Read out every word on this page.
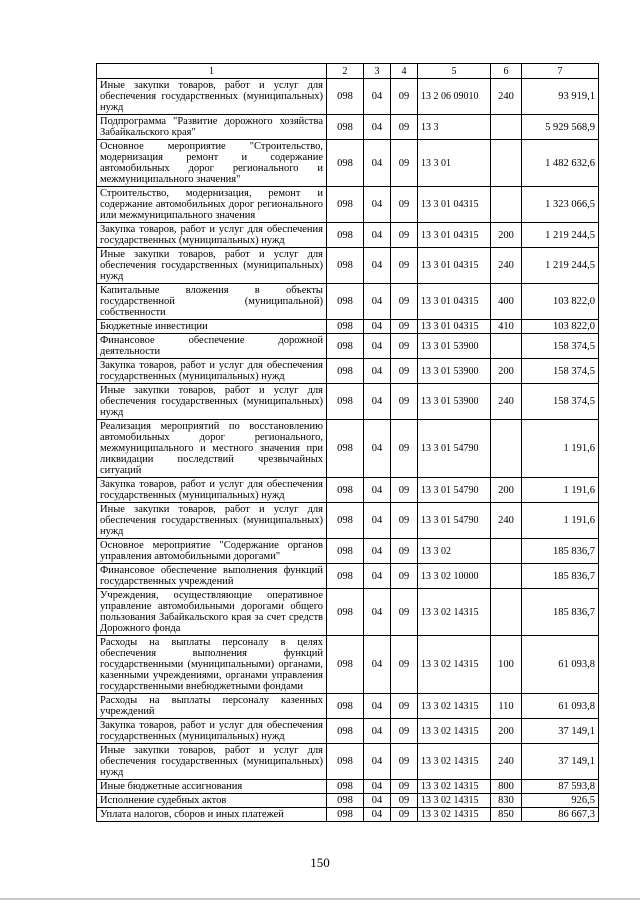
1	2	3	4	5	6	7
Иные закупки товаров, работ и услуг для обеспечения государственных (муниципальных) нужд	098	04	09	13 2 06 09010	240	93 919,1
Подпрограмма "Развитие дорожного хозяйства Забайкальского края"	098	04	09	13 3		5 929 568,9
Основное мероприятие "Строительство, модернизация ремонт и содержание автомобильных дорог регионального и межмуниципального значения"	098	04	09	13 3 01		1 482 632,6
Строительство, модернизация, ремонт и содержание автомобильных дорог регионального или межмуниципального значения	098	04	09	13 3 01 04315		1 323 066,5
Закупка товаров, работ и услуг для обеспечения государственных (муниципальных) нужд	098	04	09	13 3 01 04315	200	1 219 244,5
Иные закупки товаров, работ и услуг для обеспечения государственных (муниципальных) нужд	098	04	09	13 3 01 04315	240	1 219 244,5
Капитальные вложения в объекты государственной (муниципальной) собственности	098	04	09	13 3 01 04315	400	103 822,0
Бюджетные инвестиции	098	04	09	13 3 01 04315	410	103 822,0
Финансовое обеспечение дорожной деятельности	098	04	09	13 3 01 53900		158 374,5
Закупка товаров, работ и услуг для обеспечения государственных (муниципальных) нужд	098	04	09	13 3 01 53900	200	158 374,5
Иные закупки товаров, работ и услуг для обеспечения государственных (муниципальных) нужд	098	04	09	13 3 01 53900	240	158 374,5
Реализация мероприятий по восстановлению автомобильных дорог регионального, межмуниципального и местного значения при ликвидации последствий чрезвычайных ситуаций	098	04	09	13 3 01 54790		1 191,6
Закупка товаров, работ и услуг для обеспечения государственных (муниципальных) нужд	098	04	09	13 3 01 54790	200	1 191,6
Иные закупки товаров, работ и услуг для обеспечения государственных (муниципальных) нужд	098	04	09	13 3 01 54790	240	1 191,6
Основное мероприятие "Содержание органов управления автомобильными дорогами"	098	04	09	13 3 02		185 836,7
Финансовое обеспечение выполнения функций государственных учреждений	098	04	09	13 3 02 10000		185 836,7
Учреждения, осуществляющие оперативное управление автомобильными дорогами общего пользования Забайкальского края за счет средств Дорожного фонда	098	04	09	13 3 02 14315		185 836,7
Расходы на выплаты персоналу в целях обеспечения выполнения функций государственными (муниципальными) органами, казенными учреждениями, органами управления государственными внебюджетными фондами	098	04	09	13 3 02 14315	100	61 093,8
Расходы на выплаты персоналу казенных учреждений	098	04	09	13 3 02 14315	110	61 093,8
Закупка товаров, работ и услуг для обеспечения государственных (муниципальных) нужд	098	04	09	13 3 02 14315	200	37 149,1
Иные закупки товаров, работ и услуг для обеспечения государственных (муниципальных) нужд	098	04	09	13 3 02 14315	240	37 149,1
Иные бюджетные ассигнования	098	04	09	13 3 02 14315	800	87 593,8
Исполнение судебных актов	098	04	09	13 3 02 14315	830	926,5
Уплата налогов, сборов и иных платежей	098	04	09	13 3 02 14315	850	86 667,3
150
